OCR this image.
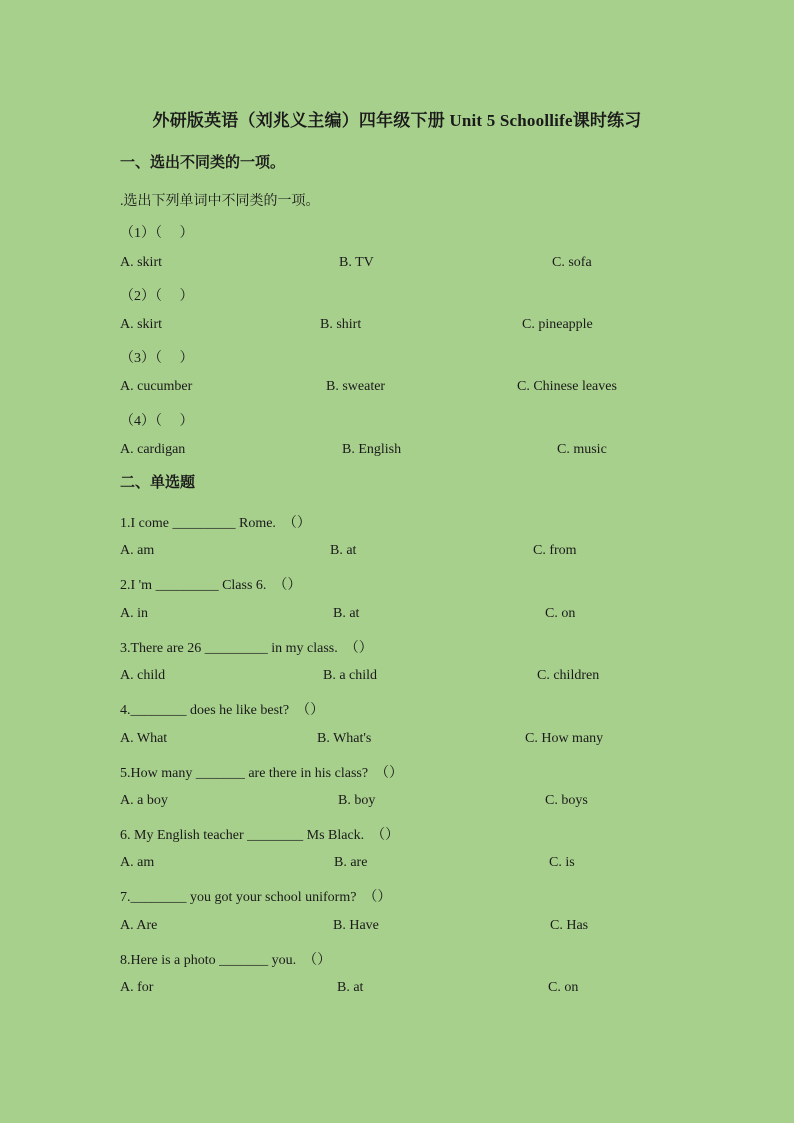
外研版英语（刘兆义主编）四年级下册 Unit 5 Schoollife课时练习
一、选出不同类的一项。
.选出下列单词中不同类的一项。
（1）（　 ）
A. skirt	B. TV	C. sofa
（2）（　 ）
A. skirt	B. shirt	C. pineapple
（3）（　 ）
A. cucumber	B. sweater	C. Chinese leaves
（4）（　 ）
A. cardigan	B. English	C. music
二、单选题
1.I come _________ Rome.　（）
A. am	B. at	C. from
2.I 'm _________ Class 6.　（）
A. in	B. at	C. on
3.There are 26 _________ in my class.　（）
A. child	B. a child	C. children
4.________ does he like best?　（）
A. What	B. What's	C. How many
5.How many _______ are there in his class?　（）
A. a boy	B. boy	C. boys
6. My English teacher ________ Ms Black.　（）
A. am	B. are	C. is
7.________ you got your school uniform?　（）
A. Are	B. Have	C. Has
8.Here is a photo _______ you.　（）
A. for	B. at	C. on
